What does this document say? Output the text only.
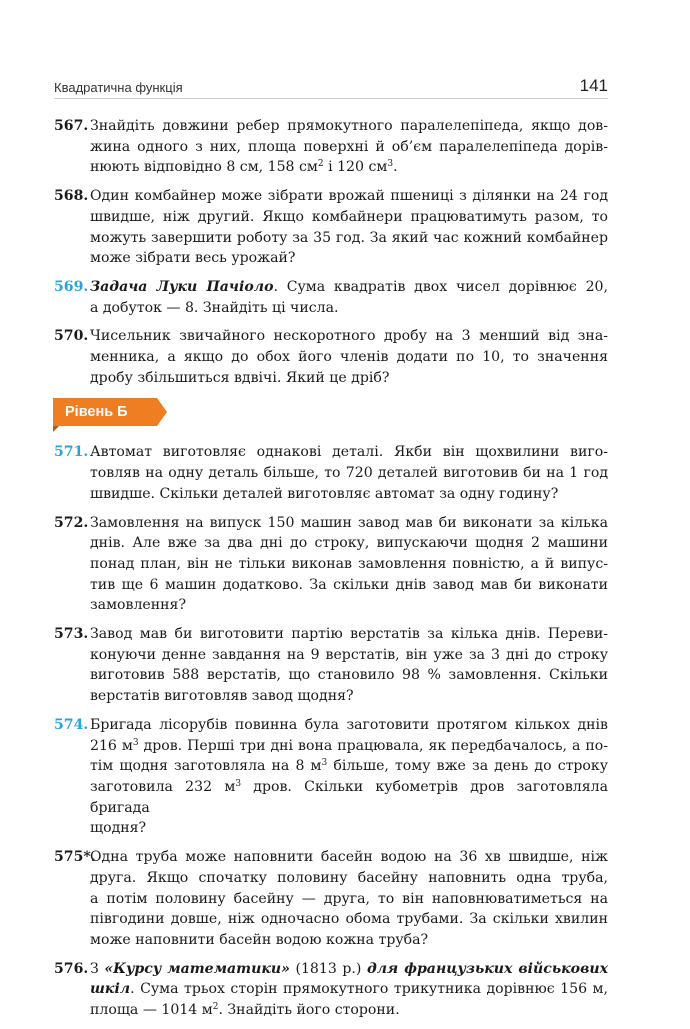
Квадратична функція	141
567. Знайдіть довжини ребер прямокутного паралелепіпеда, якщо дов-
жина одного з них, площа поверхні й об’єм паралелепіпеда дорів-
нюють відповідно 8 см, 158 $см^2$ і 120 $см^3$.
568. Один комбайнер може зібрати врожай пшениці з ділянки на 24 год
швидше, ніж другий. Якщо комбайнери працюватимуть разом, то
можуть завершити роботу за 35 год. За який час кожний комбайнер
може зібрати весь урожай?
569. Задача Луки Пачіоло. Сума квадратів двох чисел дорівнює 20,
а добуток — 8. Знайдіть ці числа.
570. Чисельник звичайного нескоротного дробу на 3 менший від зна-
менника, а якщо до обох його членів додати по 10, то значення
дробу збільшиться вдвічі. Який це дріб?
Рівень Б
571. Автомат виготовляє однакові деталі. Якби він щохвилини виго-
товляв на одну деталь більше, то 720 деталей виготовив би на 1 год
швидше. Скільки деталей виготовляє автомат за одну годину?
572. Замовлення на випуск 150 машин завод мав би виконати за кілька
днів. Але вже за два дні до строку, випускаючи щодня 2 машини
понад план, він не тільки виконав замовлення повністю, а й випус-
тив ще 6 машин додатково. За скільки днів завод мав би виконати
замовлення?
573. Завод мав би виготовити партію верстатів за кілька днів. Переви-
конуючи денне завдання на 9 верстатів, він уже за 3 дні до строку
виготовив 588 верстатів, що становило 98 % замовлення. Скільки
верстатів виготовляв завод щодня?
574. Бригада лісорубів повинна була заготовити протягом кількох днів
216 $м^3$ дров. Перші три дні вона працювала, як передбачалось, а по-
тім щодня заготовляла на 8 $м^3$ більше, тому вже за день до строку
заготовила 232 $м^3$ дров. Скільки кубометрів дров заготовляла бригада
щодня?
575*.
Одна труба може наповнити басейн водою на 36 хв швидше, ніж
друга. Якщо спочатку половину басейну наповнить одна труба,
а потім половину басейну — друга, то він наповнюватиметься на
півгодини довше, ніж одночасно обома трубами. За скільки хвилин
може наповнити басейн водою кожна труба?
576. З «Курсу математики» (1813 р.) для французьких військових
шкіл. Сума трьох сторін прямокутного трикутника дорівнює 156 м,
площа — 1014 $м^2$. Знайдіть його сторони.
